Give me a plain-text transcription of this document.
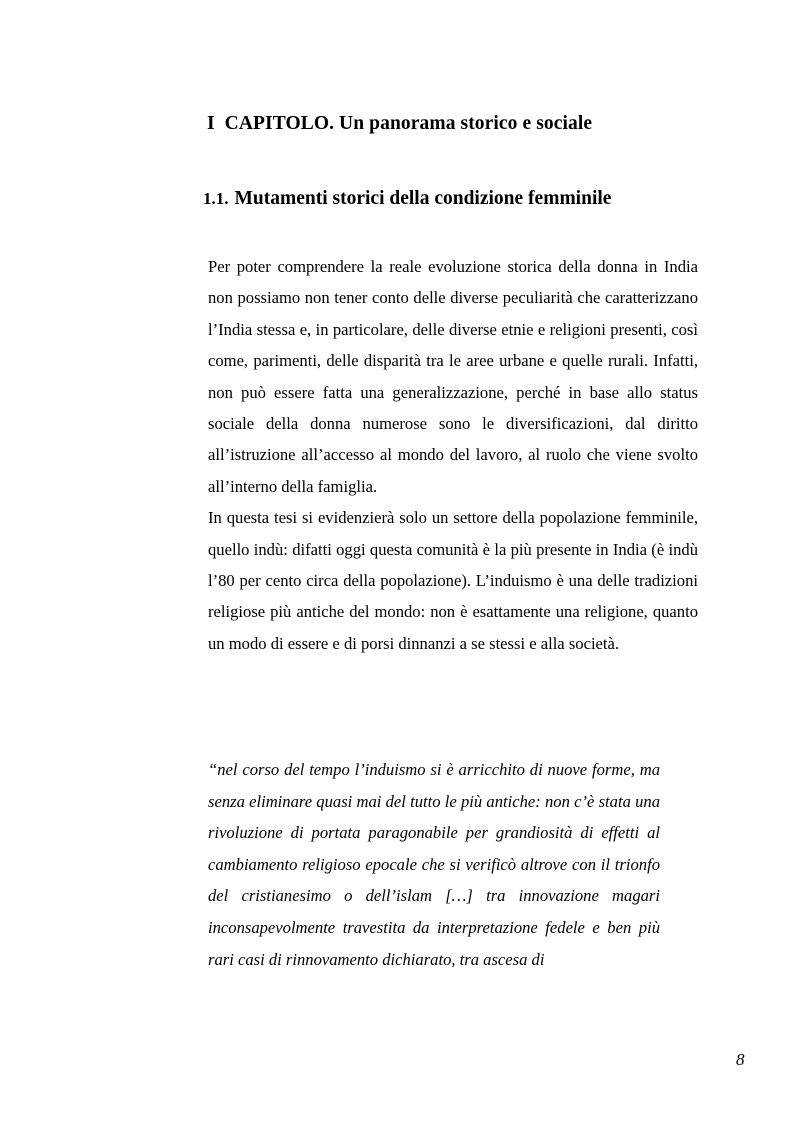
I  CAPITOLO. Un panorama storico e sociale
1.1. Mutamenti storici della condizione femminile

Per poter comprendere la reale evoluzione storica della donna in India non possiamo non tener conto delle diverse peculiarità che caratterizzano l’India stessa e, in particolare, delle diverse etnie e religioni presenti, così come, parimenti, delle disparità tra le aree urbane e quelle rurali. Infatti, non può essere fatta una generalizzazione, perché in base allo status sociale della donna numerose sono le diversificazioni, dal diritto all’istruzione all’accesso al mondo del lavoro, al ruolo che viene svolto all’interno della famiglia.

In questa tesi si evidenzierà solo un settore della popolazione femminile, quello indù: difatti oggi questa comunità è la più presente in India (è indù l’80 per cento circa della popolazione). L’induismo è una delle tradizioni religiose più antiche del mondo: non è esattamente una religione, quanto un modo di essere e di porsi dinnanzi a se stessi e alla società.

“nel corso del tempo l’induismo si è arricchito di nuove forme, ma senza eliminare quasi mai del tutto le più antiche: non c’è stata una rivoluzione di portata paragonabile per grandiosità di effetti al cambiamento religioso epocale che si verificò altrove con il trionfo del cristianesimo o dell’islam […] tra innovazione magari inconsapevolmente travestita da interpretazione fedele e ben più rari casi di rinnovamento dichiarato, tra ascesa di

8
